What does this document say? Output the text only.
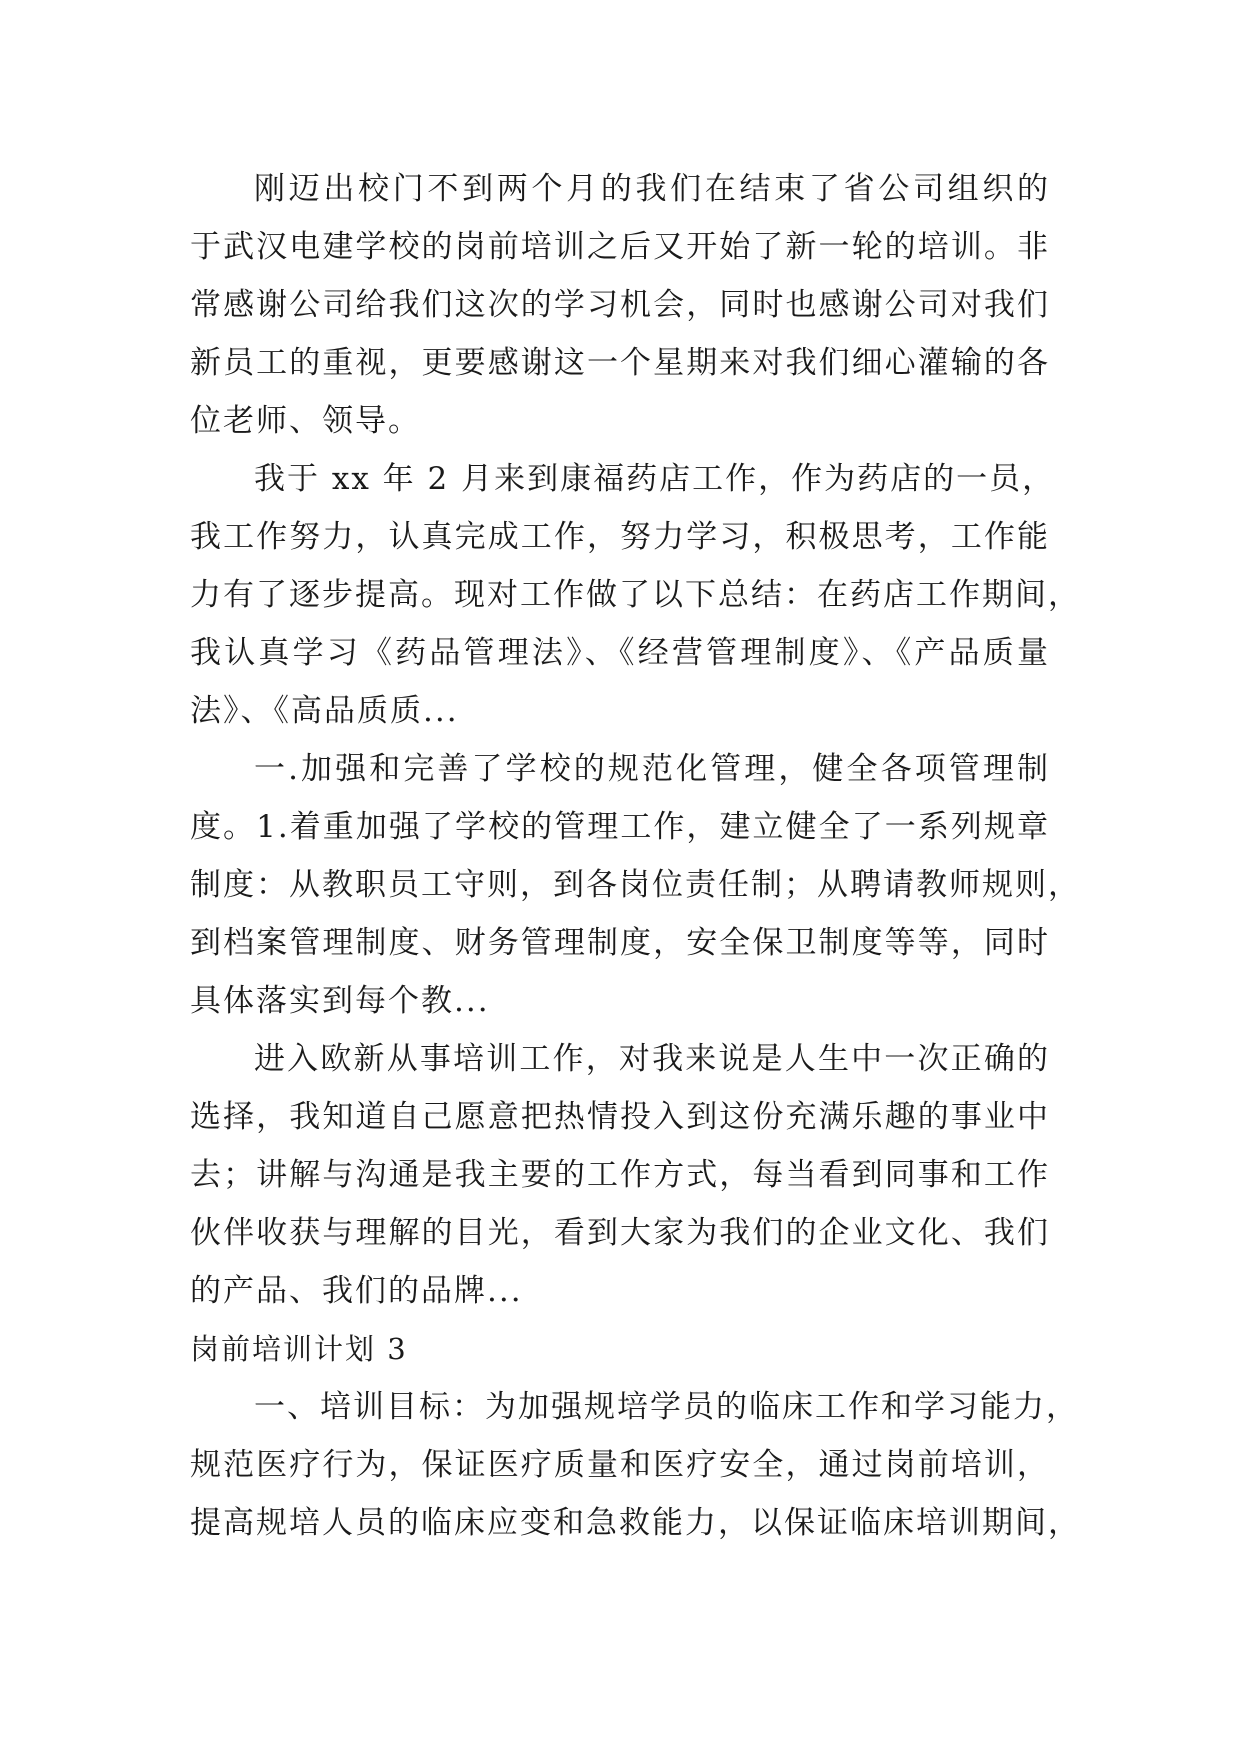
刚迈出校门不到两个月的我们在结束了省公司组织的
于武汉电建学校的岗前培训之后又开始了新一轮的培训。非
常感谢公司给我们这次的学习机会，同时也感谢公司对我们
新员工的重视，更要感谢这一个星期来对我们细心灌输的各
位老师、领导。
我于 xx 年 2 月来到康福药店工作，作为药店的一员，
我工作努力，认真完成工作，努力学习，积极思考，工作能
力有了逐步提高。现对工作做了以下总结：在药店工作期间，
我认真学习《药品管理法》、《经营管理制度》、《产品质量
法》、《高品质质...
一.加强和完善了学校的规范化管理，健全各项管理制
度。1.着重加强了学校的管理工作，建立健全了一系列规章
制度：从教职员工守则，到各岗位责任制；从聘请教师规则，
到档案管理制度、财务管理制度，安全保卫制度等等，同时
具体落实到每个教...
进入欧新从事培训工作，对我来说是人生中一次正确的
选择，我知道自己愿意把热情投入到这份充满乐趣的事业中
去；讲解与沟通是我主要的工作方式，每当看到同事和工作
伙伴收获与理解的目光，看到大家为我们的企业文化、我们
的产品、我们的品牌...
岗前培训计划 3
一、培训目标：为加强规培学员的临床工作和学习能力，
规范医疗行为，保证医疗质量和医疗安全，通过岗前培训，
提高规培人员的临床应变和急救能力，以保证临床培训期间，
